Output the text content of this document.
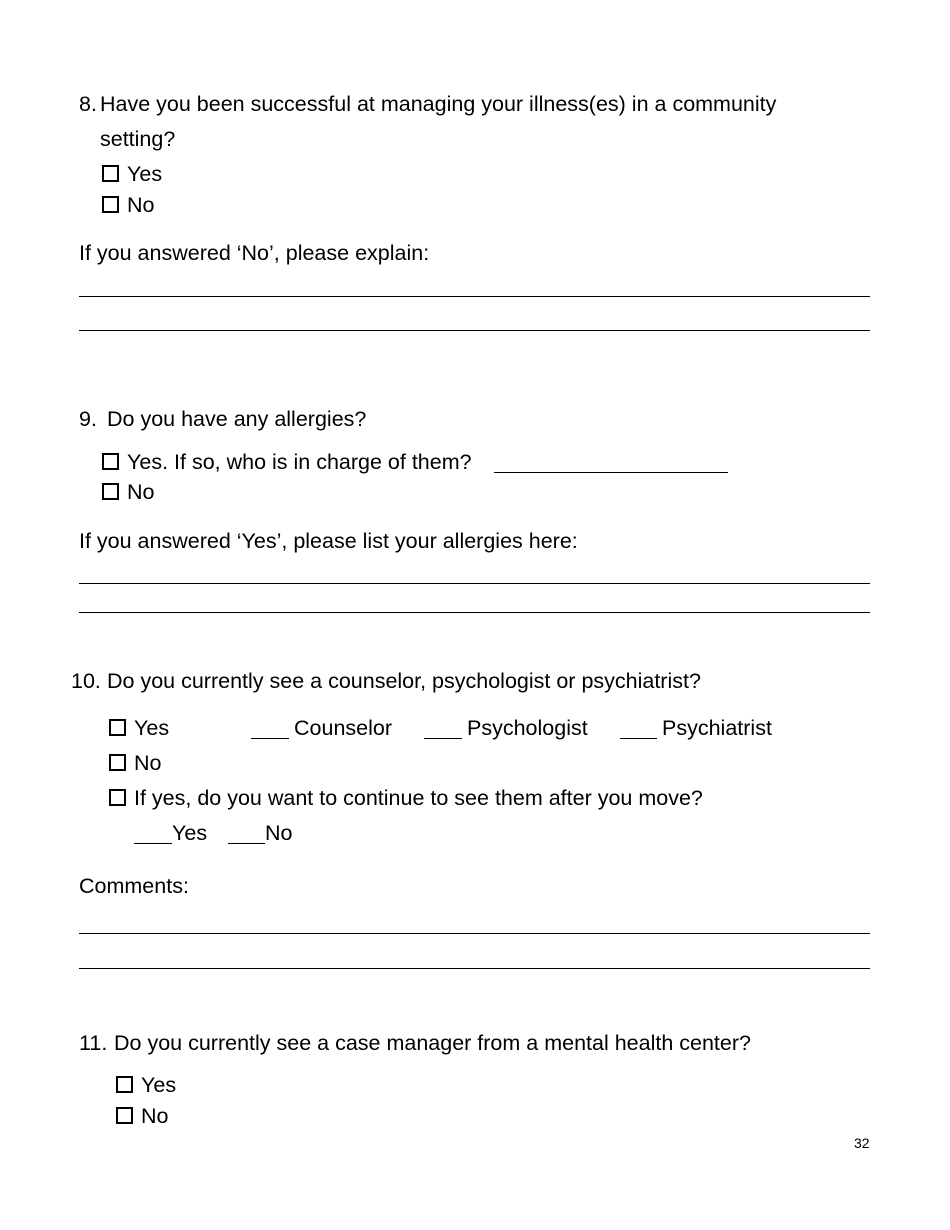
8. Have you been successful at managing your illness(es) in a community
setting?
Yes
No
If you answered ‘No’, please explain:
9. Do you have any allergies?
Yes. If so, who is in charge of them?
No
If you answered ‘Yes’, please list your allergies here:
10. Do you currently see a counselor, psychologist or psychiatrist?
Yes	Counselor	Psychologist	Psychiatrist
No
If yes, do you want to continue to see them after you move?
Yes	No
Comments:
11. Do you currently see a case manager from a mental health center?
Yes
No
32
